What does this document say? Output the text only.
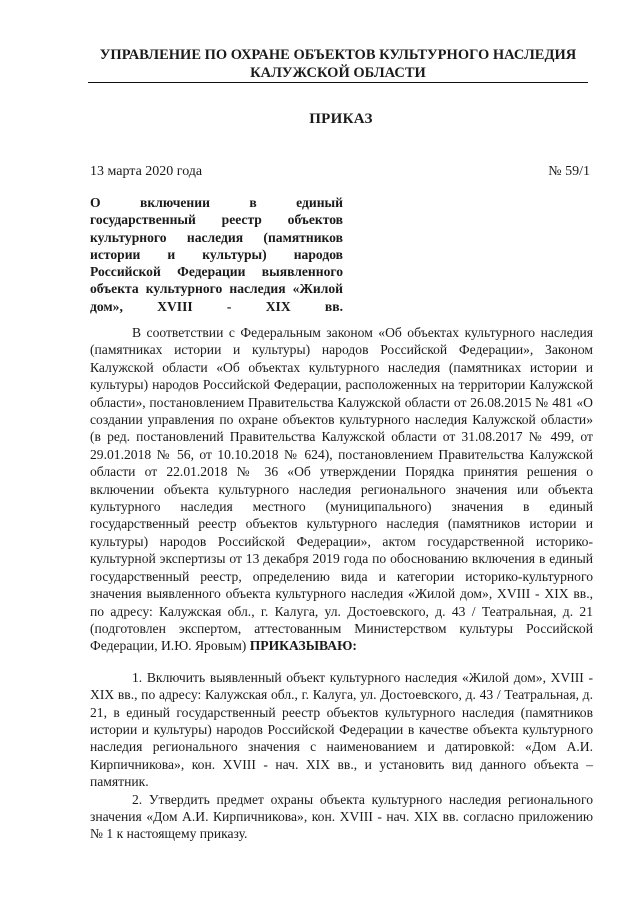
УПРАВЛЕНИЕ ПО ОХРАНЕ ОБЪЕКТОВ КУЛЬТУРНОГО НАСЛЕДИЯ

КАЛУЖСКОЙ ОБЛАСТИ
ПРИКАЗ
13 марта 2020 года	№ 59/1
О включении в единый государственный реестр объектов культурного наследия (памятников истории и культуры) народов Российской Федерации выявленного объекта культурного наследия «Жилой дом», XVIII - XIX вв.

В соответствии с Федеральным законом «Об объектах культурного наследия (памятниках истории и культуры) народов Российской Федерации», Законом Калужской области «Об объектах культурного наследия (памятниках истории и культуры) народов Российской Федерации, расположенных на территории Калужской области», постановлением Правительства Калужской области от 26.08.2015 № 481 «О создании управления по охране объектов культурного наследия Калужской области» (в ред. постановлений Правительства Калужской области от 31.08.2017 № 499, от 29.01.2018 № 56, от 10.10.2018 № 624), постановлением Правительства Калужской области от 22.01.2018 № 36 «Об утверждении Порядка принятия решения о включении объекта культурного наследия регионального значения или объекта культурного наследия местного (муниципального) значения в единый государственный реестр объектов культурного наследия (памятников истории и культуры) народов Российской Федерации», актом государственной историко-культурной экспертизы от 13 декабря 2019 года по обоснованию включения в единый государственный реестр, определению вида и категории историко-культурного значения выявленного объекта культурного наследия «Жилой дом», XVIII - XIX вв., по адресу: Калужская обл., г. Калуга, ул. Достоевского, д. 43 / Театральная, д. 21 (подготовлен экспертом, аттестованным Министерством культуры Российской Федерации, И.Ю. Яровым) ПРИКАЗЫВАЮ:

1. Включить выявленный объект культурного наследия «Жилой дом», XVIII - XIX вв., по адресу: Калужская обл., г. Калуга, ул. Достоевского, д. 43 / Театральная, д. 21, в единый государственный реестр объектов культурного наследия (памятников истории и культуры) народов Российской Федерации в качестве объекта культурного наследия регионального значения с наименованием и датировкой: «Дом А.И. Кирпичникова», кон. XVIII - нач. XIX вв., и установить вид данного объекта – памятник.

2. Утвердить предмет охраны объекта культурного наследия регионального значения «Дом А.И. Кирпичникова», кон. XVIII - нач. XIX вв. согласно приложению № 1 к настоящему приказу.
